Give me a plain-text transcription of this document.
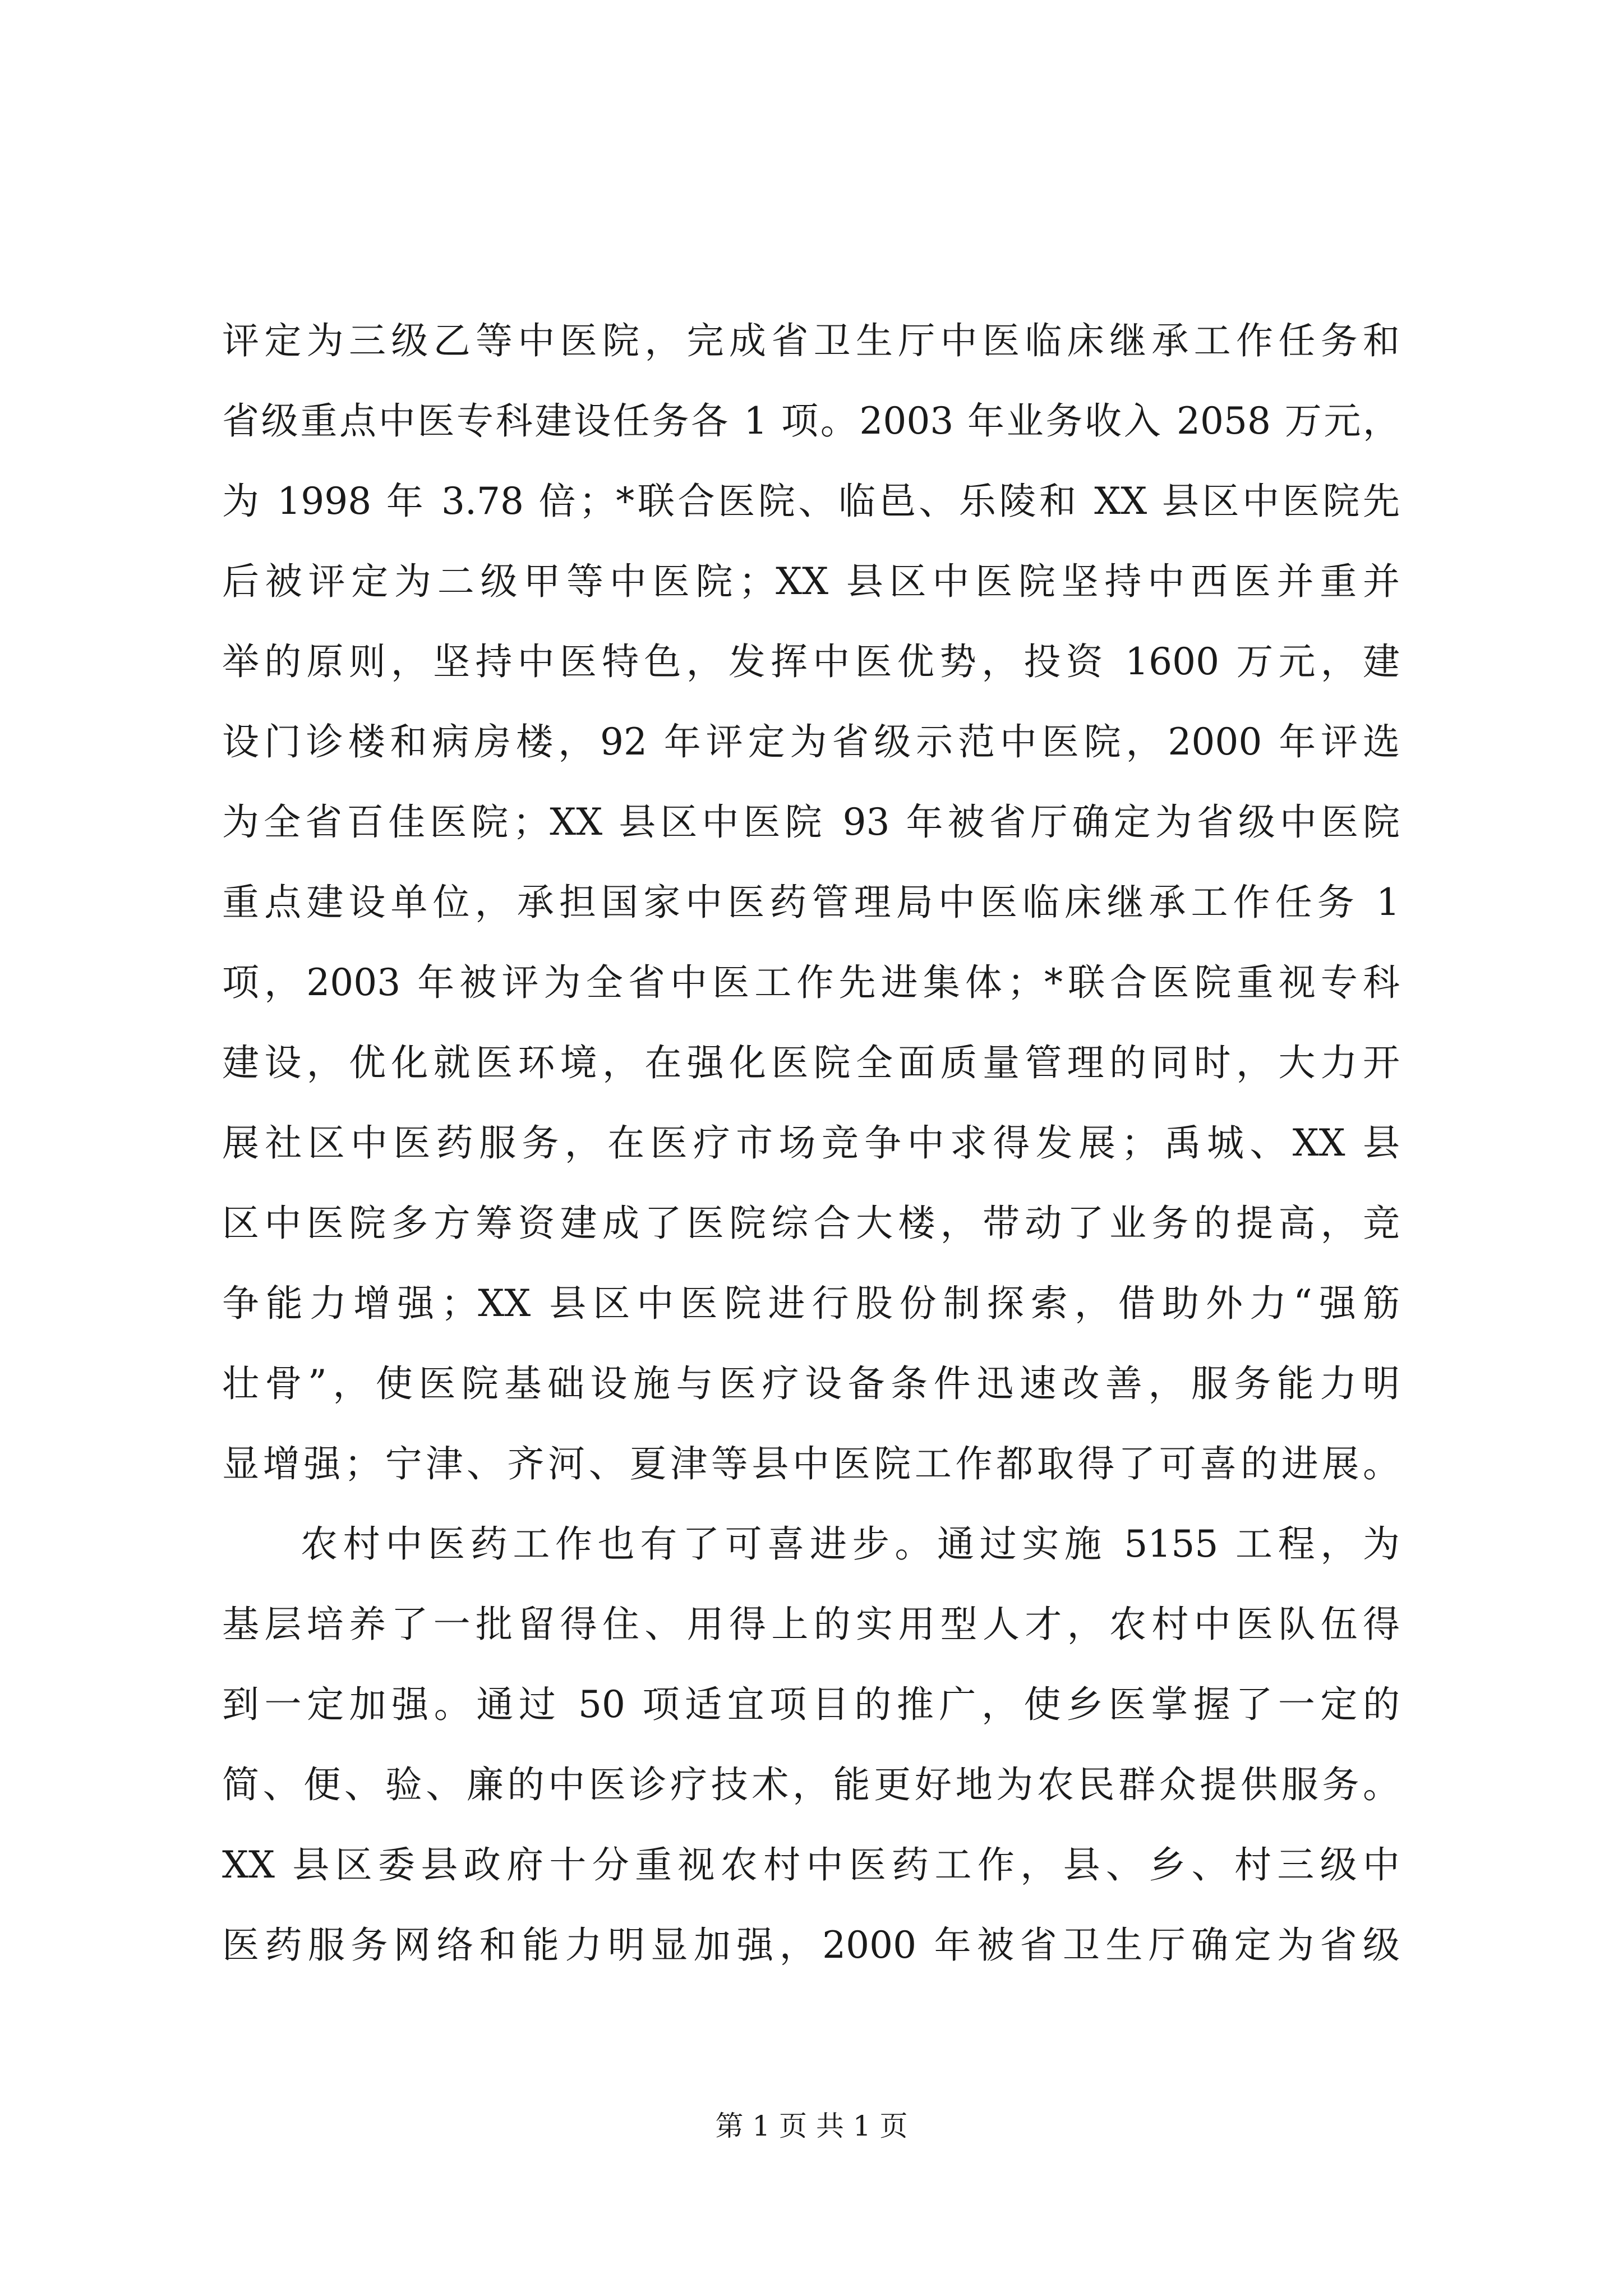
评定为三级乙等中医院，完成省卫生厅中医临床继承工作任务和
省级重点中医专科建设任务各 1 项。2003 年业务收入 2058 万元，
为 1998 年 3.78 倍；*联合医院、临邑、乐陵和 XX 县区中医院先
后被评定为二级甲等中医院；XX 县区中医院坚持中西医并重并
举的原则，坚持中医特色，发挥中医优势，投资 1600 万元，建
设门诊楼和病房楼，92 年评定为省级示范中医院，2000 年评选
为全省百佳医院；XX 县区中医院 93 年被省厅确定为省级中医院
重点建设单位，承担国家中医药管理局中医临床继承工作任务 1
项，2003 年被评为全省中医工作先进集体；*联合医院重视专科
建设，优化就医环境，在强化医院全面质量管理的同时，大力开
展社区中医药服务，在医疗市场竞争中求得发展；禹城、XX 县
区中医院多方筹资建成了医院综合大楼，带动了业务的提高，竞
争能力增强；XX 县区中医院进行股份制探索，借助外力“强筋
壮骨”，使医院基础设施与医疗设备条件迅速改善，服务能力明
显增强；宁津、齐河、夏津等县中医院工作都取得了可喜的进展。
农村中医药工作也有了可喜进步。通过实施 5155 工程，为
基层培养了一批留得住、用得上的实用型人才，农村中医队伍得
到一定加强。通过 50 项适宜项目的推广，使乡医掌握了一定的
简、便、验、廉的中医诊疗技术，能更好地为农民群众提供服务。
XX 县区委县政府十分重视农村中医药工作，县、乡、村三级中
医药服务网络和能力明显加强，2000 年被省卫生厅确定为省级
第 1 页 共 1 页
